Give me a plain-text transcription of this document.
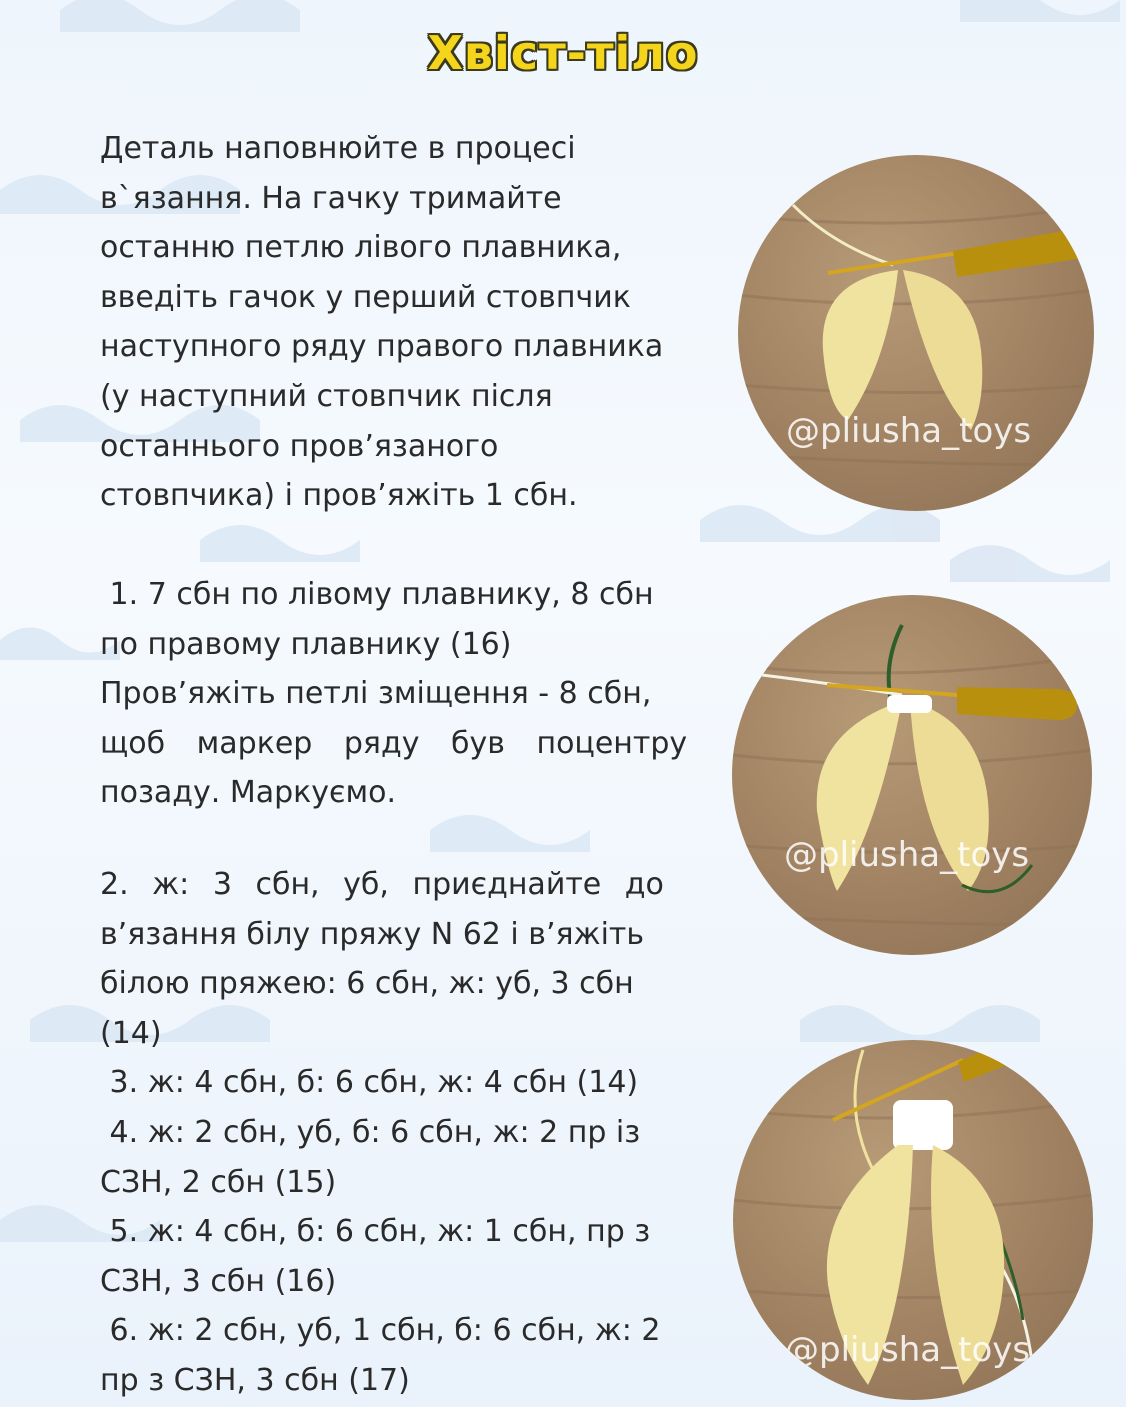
Хвіст-тіло
Деталь наповнюйте в процесі
в`язання. На гачку тримайте
останню петлю лівого плавника,
введіть гачок у перший стовпчик
наступного ряду правого плавника
(у наступний стовпчик після
останнього пров’язаного
стовпчика) і пров’яжіть 1 сбн.
1. 7 сбн по лівому плавнику, 8 сбн
по правому плавнику (16)
Пров’яжіть петлі зміщення - 8 сбн,
щоб маркер ряду був поцентру
позаду. Маркуємо.
2. ж: 3 сбн, уб, приєднайте до
в’язання білу пряжу N 62 і в’яжіть
білою пряжею: 6 сбн, ж: уб, 3 сбн
(14)
3. ж: 4 сбн, б: 6 сбн, ж: 4 сбн (14)
4. ж: 2 сбн, уб, б: 6 сбн, ж: 2 пр із
СЗН, 2 сбн (15)
5. ж: 4 сбн, б: 6 сбн, ж: 1 сбн, пр з
СЗН, 3 сбн (16)
6. ж: 2 сбн, уб, 1 сбн, б: 6 сбн, ж: 2
пр з СЗН, 3 сбн (17)
@pliusha_toys
@pliusha_toys
@pliusha_toys
